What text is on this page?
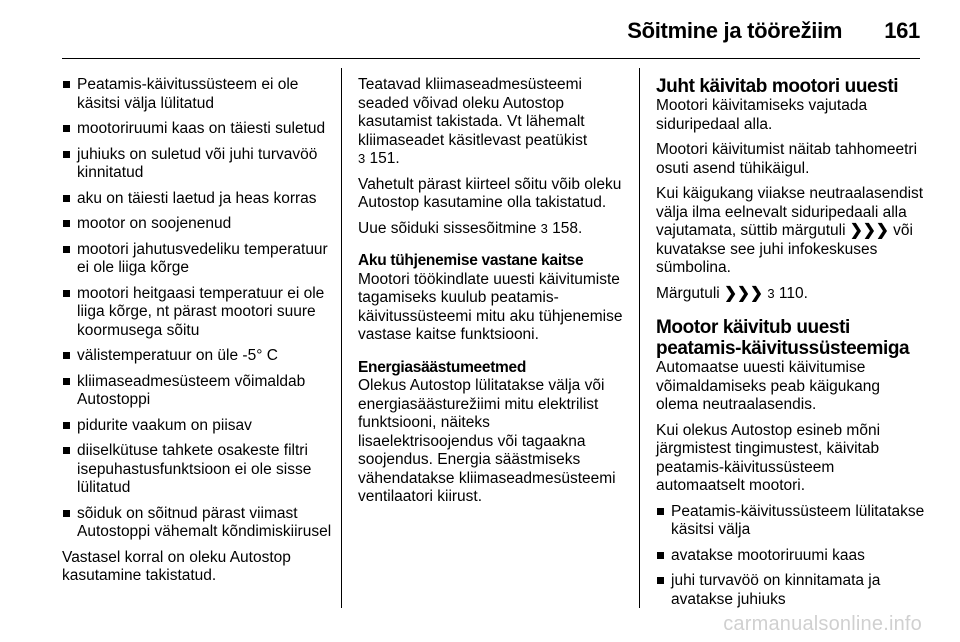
Sõitmine ja töörežiim 161
Peatamis-käivitussüsteem ei ole käsitsi välja lülitatud
mootoriruumi kaas on täiesti suletud
juhiuks on suletud või juhi turvavöö kinnitatud
aku on täiesti laetud ja heas korras
mootor on soojenenud
mootori jahutusvedeliku temperatuur ei ole liiga kõrge
mootori heitgaasi temperatuur ei ole liiga kõrge, nt pärast mootori suure koormusega sõitu
välistemperatuur on üle -5° C
kliimaseadmesüsteem võimaldab Autostoppi
pidurite vaakum on piisav
diiselkütuse tahkete osakeste filtri isepuhastusfunktsioon ei ole sisse lülitatud
sõiduk on sõitnud pärast viimast Autostoppi vähemalt kõndimiskiirusel

Vastasel korral on oleku Autostop kasutamine takistatud.

Teatavad kliimaseadmesüsteemi seaded võivad oleku Autostop kasutamist takistada. Vt lähemalt kliimaseadet käsitlevast peatükist
3 151.

Vahetult pärast kiirteel sõitu võib oleku Autostop kasutamine olla takistatud.

Uue sõiduki sissesõitmine 3 158.

Aku tühjenemise vastane kaitse

Mootori töökindlate uuesti käivitumiste tagamiseks kuulub peatamis-käivitussüsteemi mitu aku tühjenemise vastase kaitse funktsiooni.

Energiasäästumeetmed

Olekus Autostop lülitatakse välja või energiasäästurežiimi mitu elektrilist funktsiooni, näiteks lisaelektrisoojendus või tagaakna soojendus. Energia säästmiseks vähendatakse kliimaseadmesüsteemi ventilaatori kiirust.

Juht käivitab mootori uuesti

Mootori käivitamiseks vajutada siduripedaal alla.

Mootori käivitumist näitab tahhomeetri osuti asend tühikäigul.

Kui käigukang viiakse neutraalasendist välja ilma eelnevalt siduripedaali alla vajutamata, süttib märgutuli ❯❯❯ või kuvatakse see juhi infokeskuses sümbolina.

Märgutuli ❯❯❯ 3 110.

Mootor käivitub uuesti peatamis-käivitussüsteemiga

Automaatse uuesti käivitumise võimaldamiseks peab käigukang olema neutraalasendis.

Kui olekus Autostop esineb mõni järgmistest tingimustest, käivitab peatamis-käivitussüsteem automaatselt mootori.

Peatamis-käivitussüsteem lülitatakse käsitsi välja
avatakse mootoriruumi kaas
juhi turvavöö on kinnitamata ja avatakse juhiuks
carmanualsonline.info
